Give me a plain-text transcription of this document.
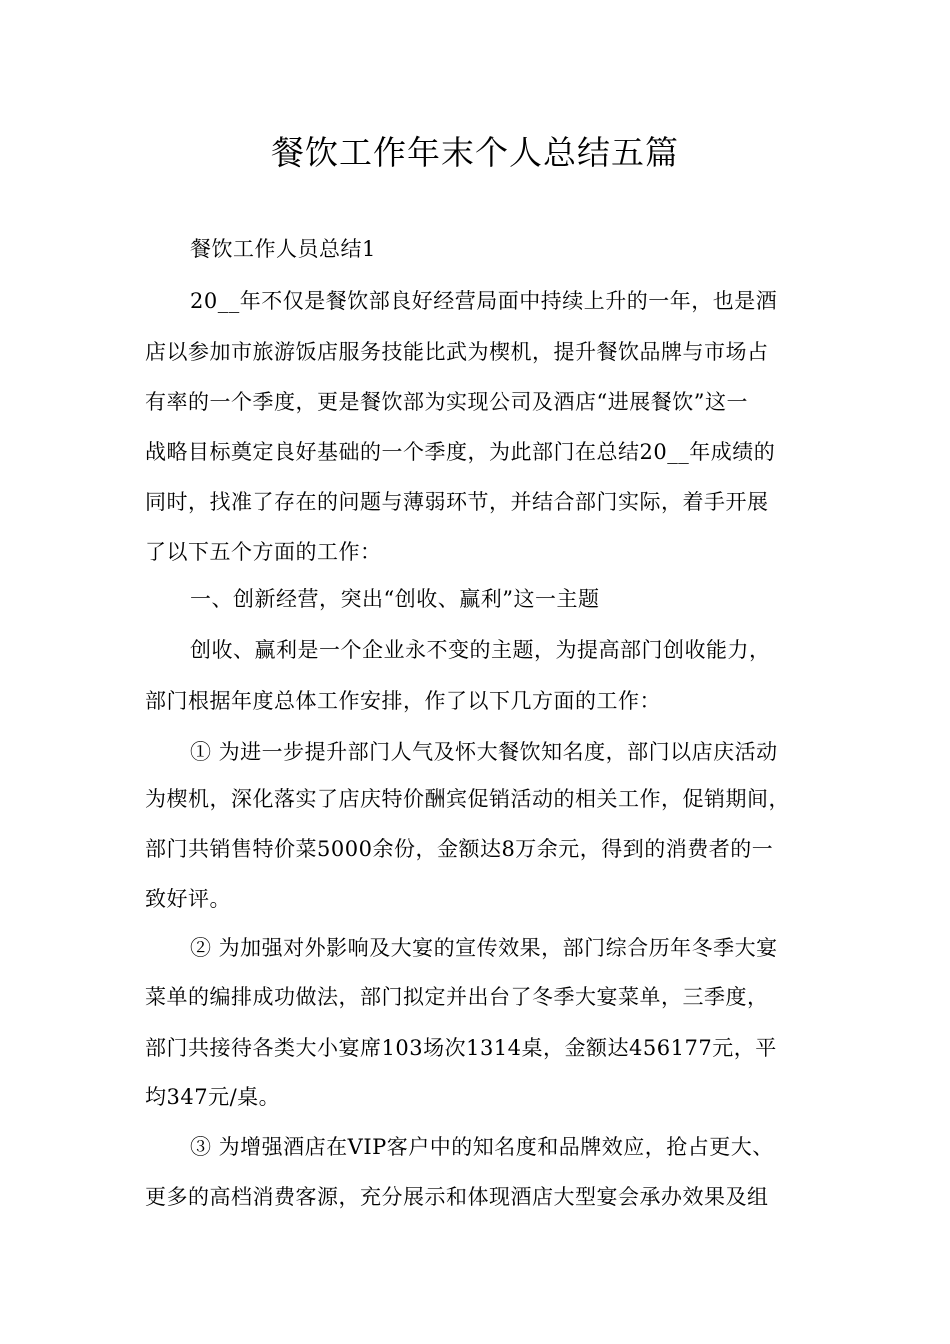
餐饮工作年末个人总结五篇
餐饮工作人员总结1
20__年不仅是餐饮部良好经营局面中持续上升的一年，也是酒
店以参加市旅游饭店服务技能比武为楔机，提升餐饮品牌与市场占
有率的一个季度，更是餐饮部为实现公司及酒店“进展餐饮”这一
战略目标奠定良好基础的一个季度，为此部门在总结20__年成绩的
同时，找准了存在的问题与薄弱环节，并结合部门实际，着手开展
了以下五个方面的工作：
一、创新经营，突出“创收、赢利”这一主题
创收、赢利是一个企业永不变的主题，为提高部门创收能力，
部门根据年度总体工作安排，作了以下几方面的工作：
① 为进一步提升部门人气及怀大餐饮知名度，部门以店庆活动
为楔机，深化落实了店庆特价酬宾促销活动的相关工作，促销期间，
部门共销售特价菜5000余份，金额达8万余元，得到的消费者的一
致好评。
② 为加强对外影响及大宴的宣传效果，部门综合历年冬季大宴
菜单的编排成功做法，部门拟定并出台了冬季大宴菜单，三季度，
部门共接待各类大小宴席103场次1314桌，金额达456177元，平
均347元/桌。
③ 为增强酒店在VIP客户中的知名度和品牌效应，抢占更大、
更多的高档消费客源，充分展示和体现酒店大型宴会承办效果及组
